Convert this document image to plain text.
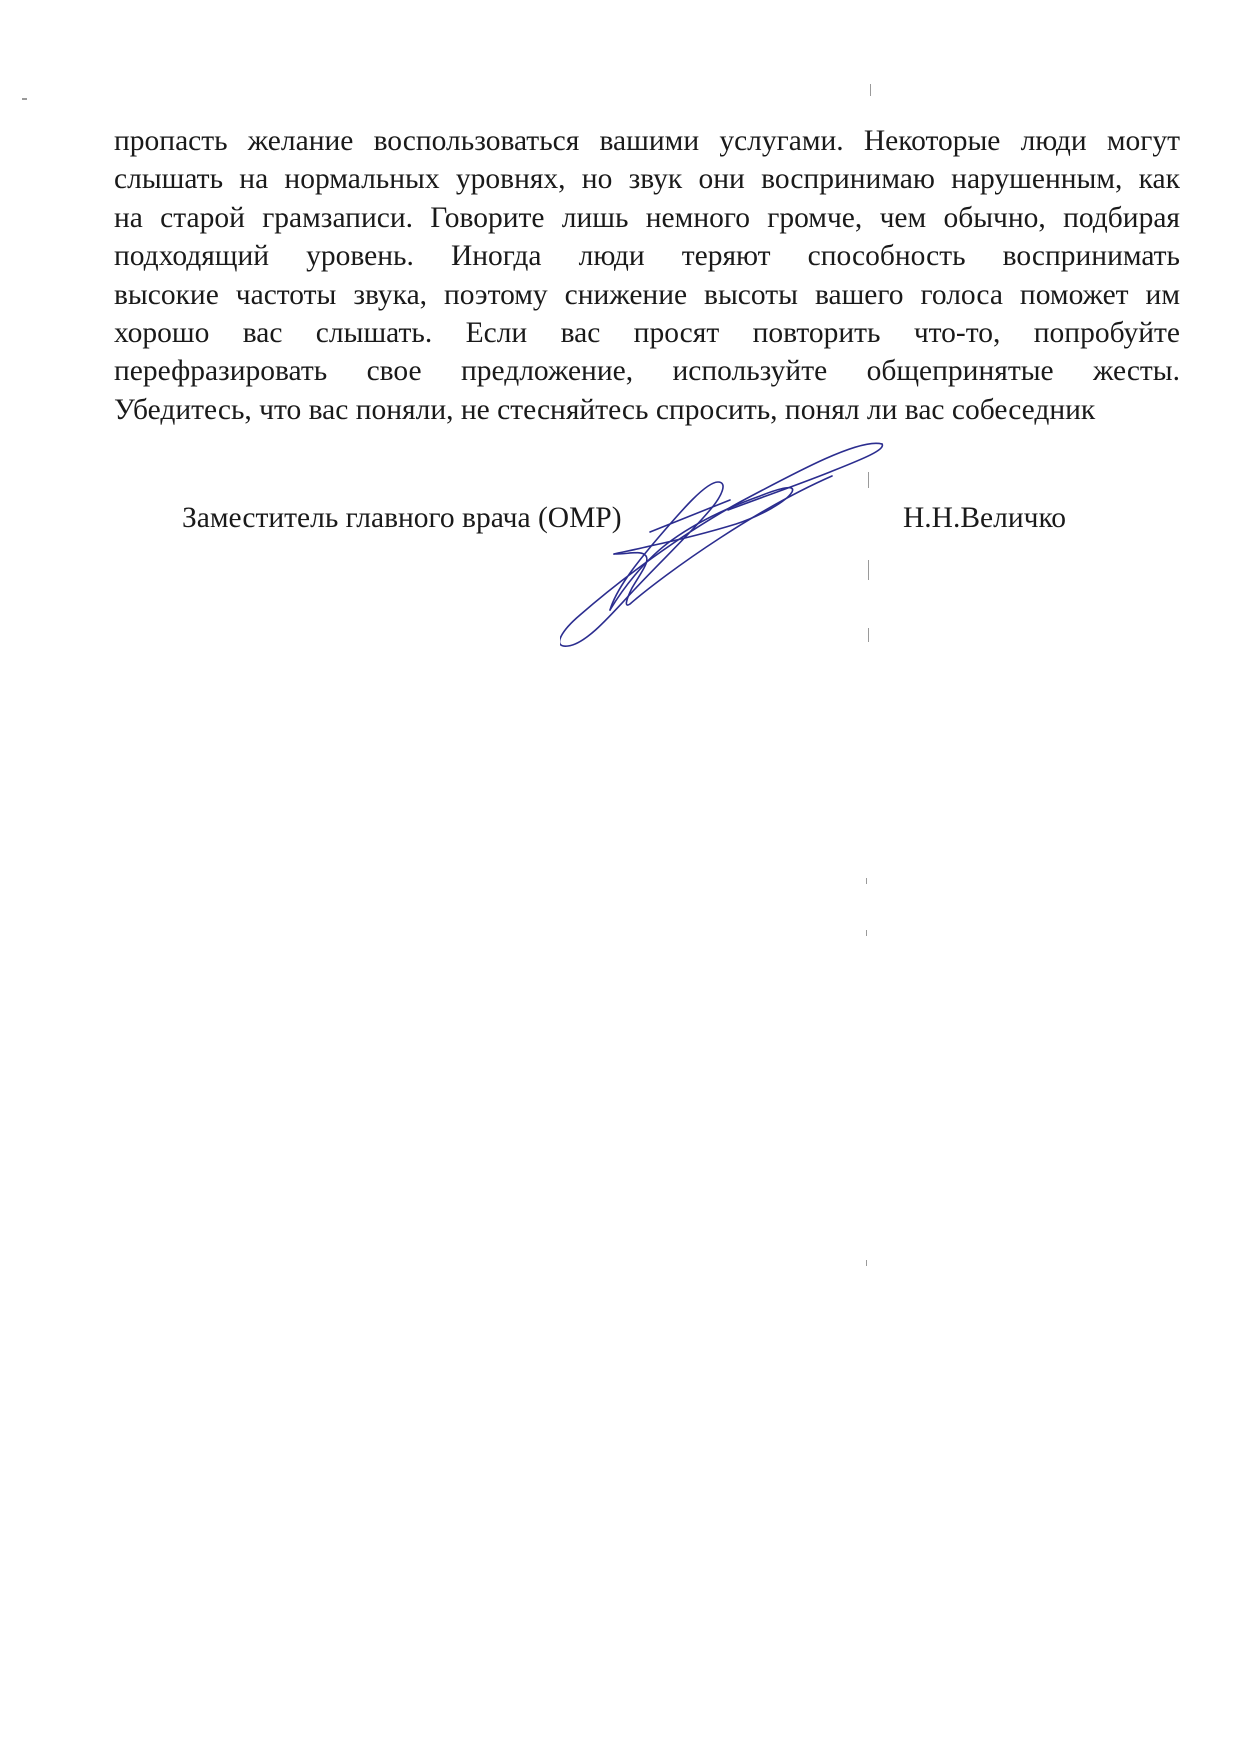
пропасть желание воспользоваться вашими услугами. Некоторые люди могут
слышать на нормальных уровнях, но звук они воспринимаю нарушенным, как
на старой грамзаписи. Говорите лишь немного громче, чем обычно, подбирая
подходящий уровень. Иногда люди теряют способность воспринимать
высокие частоты звука, поэтому снижение высоты вашего голоса поможет им
хорошо вас слышать. Если вас просят повторить что-то, попробуйте
перефразировать свое предложение, используйте общепринятые жесты.
Убедитесь, что вас поняли, не стесняйтесь спросить, понял ли вас собеседник
Заместитель главного врача (ОМР)	Н.Н.Величко
